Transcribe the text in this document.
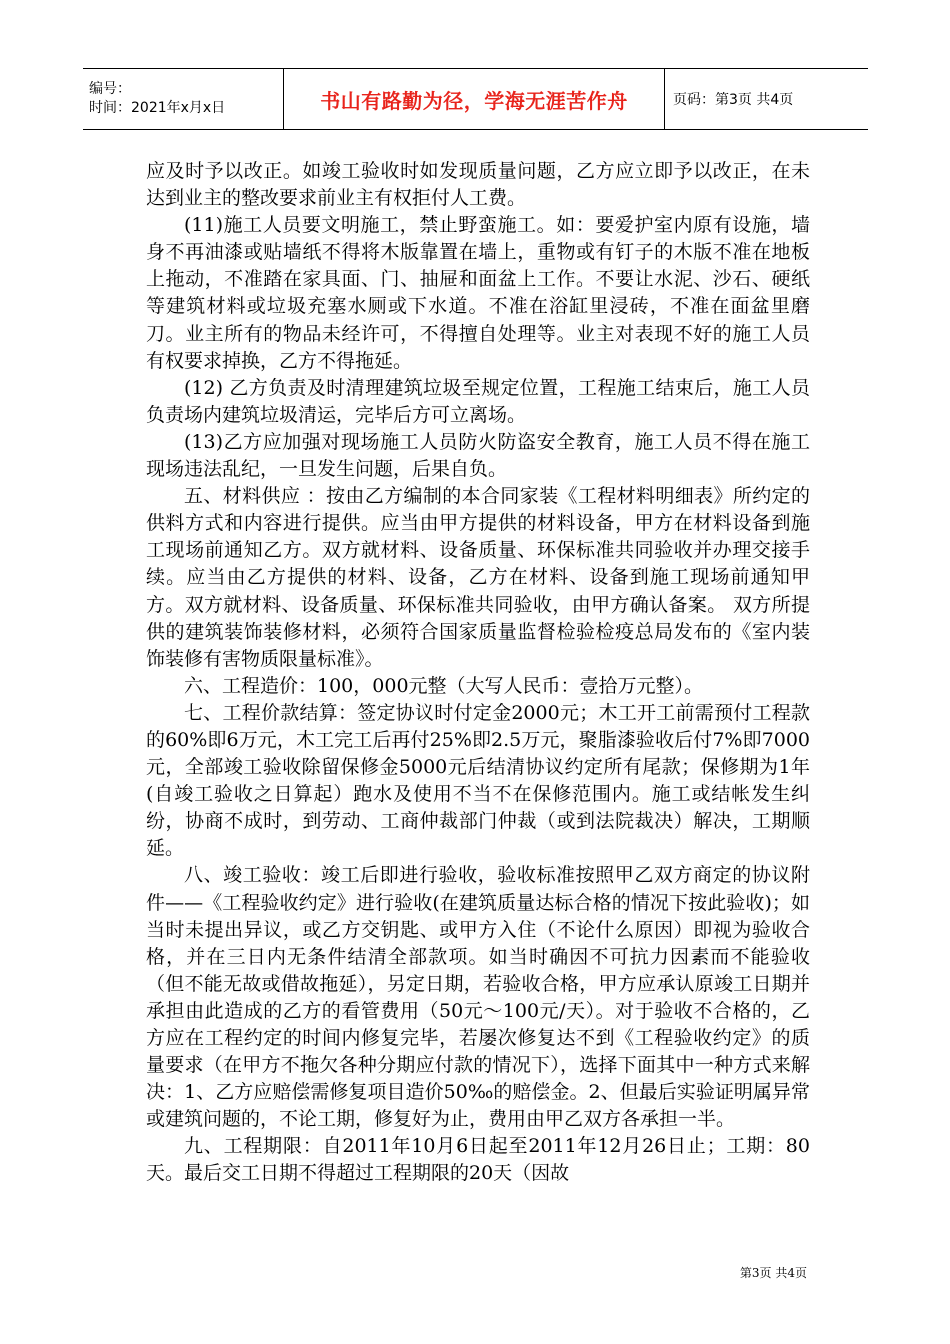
编号：
时间：2021年x月x日	书山有路勤为径，学海无涯苦作舟	页码：第3页 共4页

应及时予以改正。如竣工验收时如发现质量问题，乙方应立即予以改正，在未达到业主的整改要求前业主有权拒付人工费。

(11)施工人员要文明施工，禁止野蛮施工。如：要爱护室内原有设施，墙身不再油漆或贴墙纸不得将木版靠置在墙上，重物或有钉子的木版不准在地板上拖动，不准踏在家具面、门、抽屉和面盆上工作。不要让水泥、沙石、硬纸等建筑材料或垃圾充塞水厕或下水道。不准在浴缸里浸砖，不准在面盆里磨刀。业主所有的物品未经许可，不得擅自处理等。业主对表现不好的施工人员有权要求掉换，乙方不得拖延。

(12) 乙方负责及时清理建筑垃圾至规定位置，工程施工结束后，施工人员负责场内建筑垃圾清运，完毕后方可立离场。

(13)乙方应加强对现场施工人员防火防盗安全教育，施工人员不得在施工现场违法乱纪，一旦发生问题，后果自负。

五、材料供应 ：按由乙方编制的本合同家装《工程材料明细表》所约定的供料方式和内容进行提供。应当由甲方提供的材料设备，甲方在材料设备到施工现场前通知乙方。双方就材料、设备质量、环保标准共同验收并办理交接手续。应当由乙方提供的材料、设备，乙方在材料、设备到施工现场前通知甲方。双方就材料、设备质量、环保标准共同验收，由甲方确认备案。 双方所提供的建筑装饰装修材料，必须符合国家质量监督检验检疫总局发布的《室内装饰装修有害物质限量标准》。

六、工程造价：100，000元整（大写人民币：壹拾万元整）。

七、工程价款结算：签定协议时付定金2000元；木工开工前需预付工程款的60%即6万元，木工完工后再付25%即2.5万元，聚脂漆验收后付7%即7000元，全部竣工验收除留保修金5000元后结清协议约定所有尾款；保修期为1年(自竣工验收之日算起）跑水及使用不当不在保修范围内。施工或结帐发生纠纷，协商不成时，到劳动、工商仲裁部门仲裁（或到法院裁决）解决，工期顺延。

八、竣工验收：竣工后即进行验收，验收标准按照甲乙双方商定的协议附件——《工程验收约定》进行验收(在建筑质量达标合格的情况下按此验收)；如当时未提出异议，或乙方交钥匙、或甲方入住（不论什么原因）即视为验收合格，并在三日内无条件结清全部款项。如当时确因不可抗力因素而不能验收（但不能无故或借故拖延），另定日期，若验收合格，甲方应承认原竣工日期并承担由此造成的乙方的看管费用（50元～100元/天）。对于验收不合格的，乙方应在工程约定的时间内修复完毕，若屡次修复达不到《工程验收约定》的质量要求（在甲方不拖欠各种分期应付款的情况下），选择下面其中一种方式来解决：1、乙方应赔偿需修复项目造价50‰的赔偿金。2、但最后实验证明属异常或建筑问题的，不论工期，修复好为止，费用由甲乙双方各承担一半。

九、工程期限：自2011年10月6日起至2011年12月26日止；工期：80天。最后交工日期不得超过工程期限的20天（因故

第3页 共4页
